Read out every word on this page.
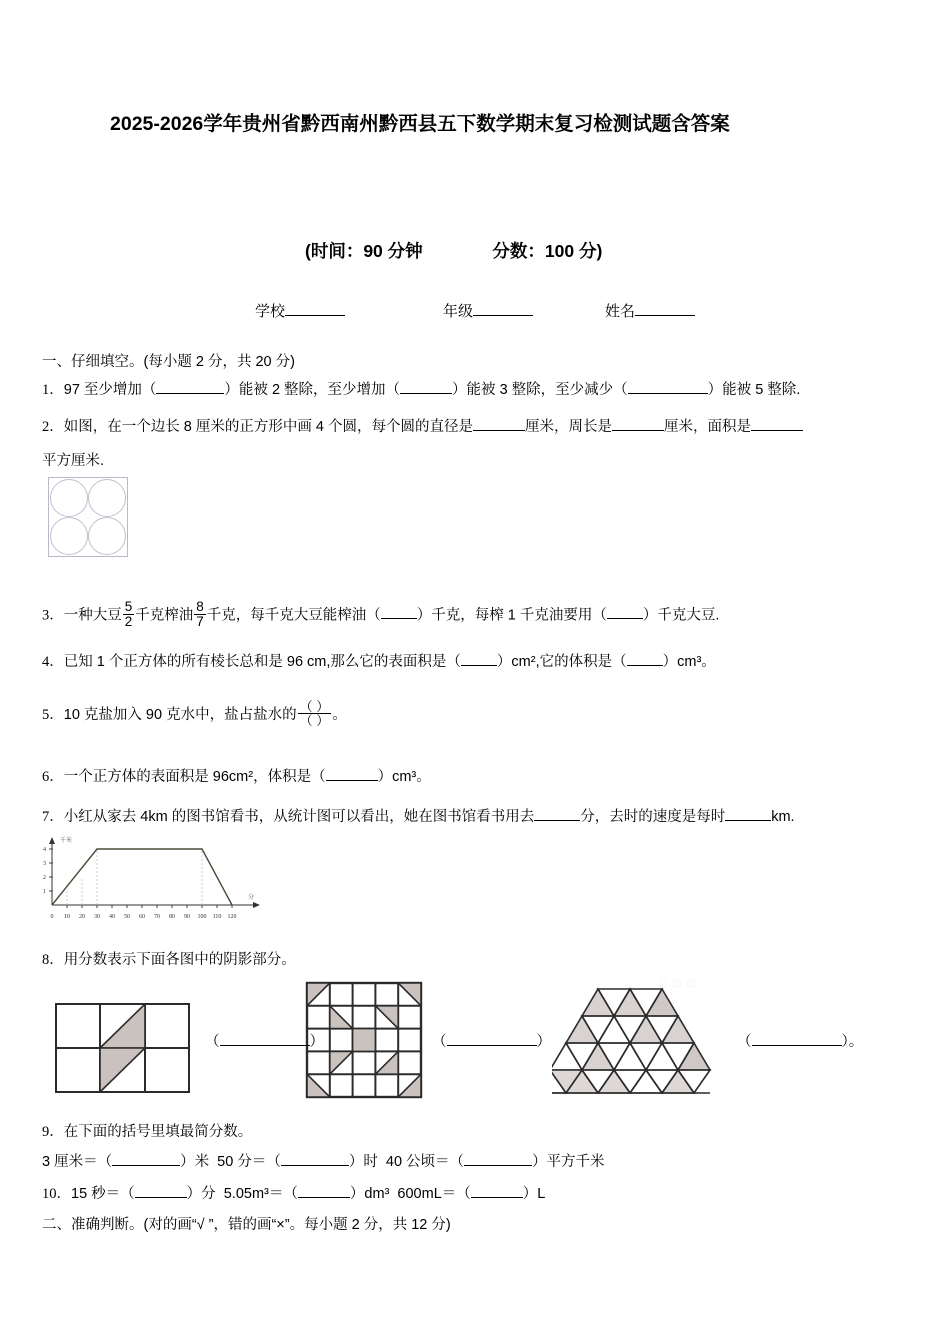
2025-2026学年贵州省黔西南州黔西县五下数学期末复习检测试题含答案
(时间：90 分钟	分数：100 分)
学校	年级	姓名
一、仔细填空。(每小题 2 分，共 20 分)
1．97 至少增加（	）能被 2 整除，至少增加（	）能被 3 整除，至少减少（	）能被 5 整除.
2．如图，在一个边长 8 厘米的正方形中画 4 个圆，每个圆的直径是	厘米，周长是	厘米，面积是
平方厘米.
3．一种大豆 $\frac{5}{2}$ 千克榨油 $\frac{8}{7}$ 千克，每千克大豆能榨油（ ）千克，每榨 1 千克油要用（ ）千克大豆.
4．已知 1 个正方体的所有棱长总和是 96 cm,那么它的表面积是（ ）cm²,它的体积是（ ）cm³。
5．10 克盐加入 90 克水中，盐占盐水的 $\frac{( )}{( )}$ 。
6．一个正方体的表面积是 96cm²，体积是（	）cm³。
7．小红从家去 4km 的图书馆看书，从统计图可以看出，她在图书馆看书用去	分，去时的速度是每时	km.
1
2
3
4
0 10 20 30 40 50 60 70 80 90 100 110 120
千米
分
8．用分数表示下面各图中的阴影部分。
□ □ □
（	）	（	）	（	）。
9．在下面的括号里填最简分数。
3 厘米＝（	）米 50 分＝（	）时 40 公顷＝（	）平方千米
10．15 秒＝（	）分 5.05m³＝（	）dm³ 600mL＝（	）L
二、准确判断。(对的画“√ ”，错的画“×”。每小题 2 分，共 12 分)
